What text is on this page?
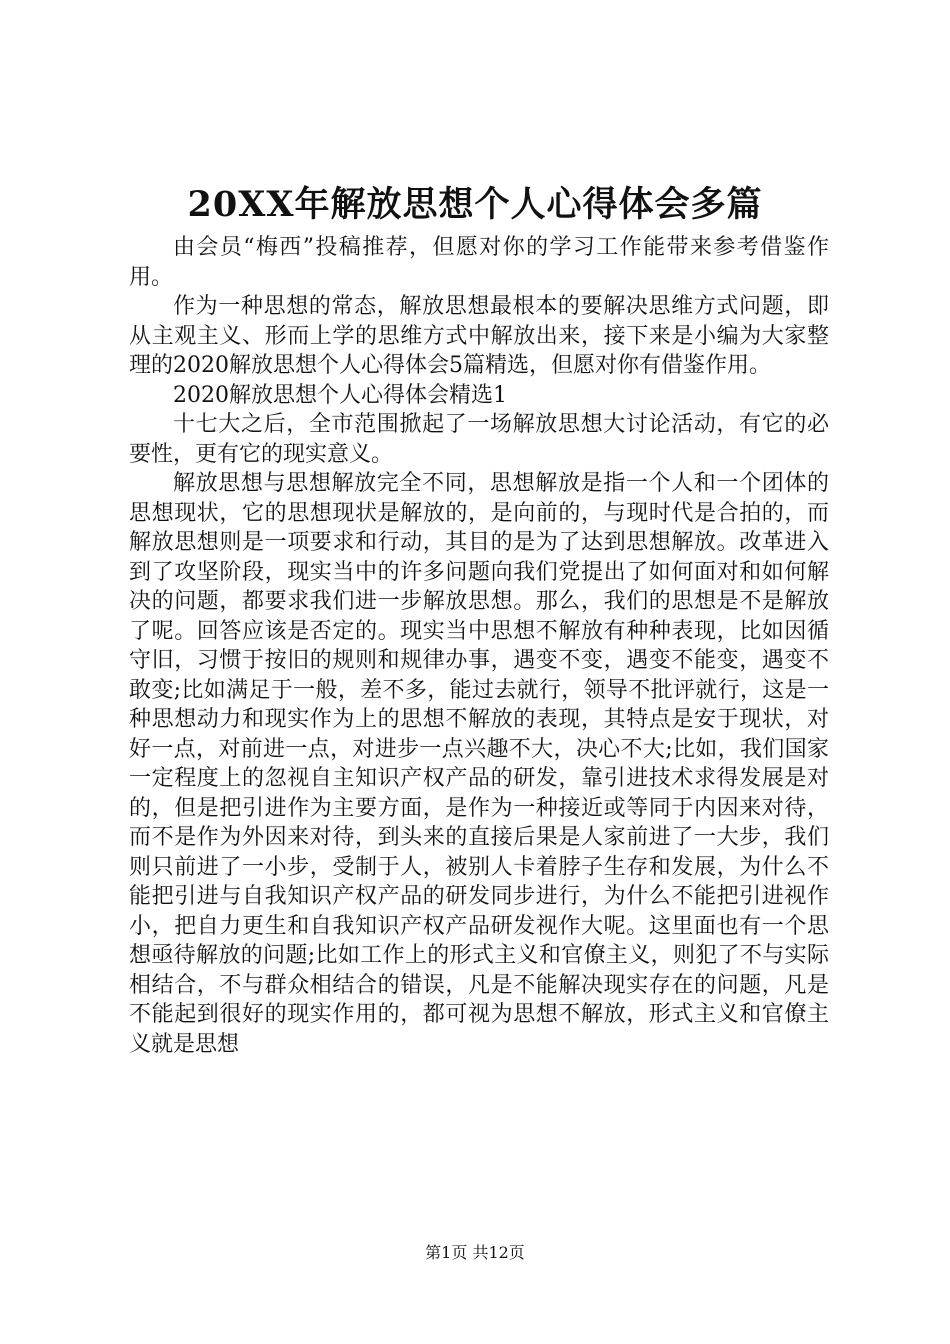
20XX年解放思想个人心得体会多篇

由会员“梅西”投稿推荐，但愿对你的学习工作能带来参考借鉴作用。

作为一种思想的常态，解放思想最根本的要解决思维方式问题，即从主观主义、形而上学的思维方式中解放出来，接下来是小编为大家整理的2020解放思想个人心得体会5篇精选，但愿对你有借鉴作用。

2020解放思想个人心得体会精选1

十七大之后，全市范围掀起了一场解放思想大讨论活动，有它的必要性，更有它的现实意义。

解放思想与思想解放完全不同，思想解放是指一个人和一个团体的思想现状，它的思想现状是解放的，是向前的，与现时代是合拍的，而解放思想则是一项要求和行动，其目的是为了达到思想解放。改革进入到了攻坚阶段，现实当中的许多问题向我们党提出了如何面对和如何解决的问题，都要求我们进一步解放思想。那么，我们的思想是不是解放了呢。回答应该是否定的。现实当中思想不解放有种种表现，比如因循守旧，习惯于按旧的规则和规律办事，遇变不变，遇变不能变，遇变不敢变;比如满足于一般，差不多，能过去就行，领导不批评就行，这是一种思想动力和现实作为上的思想不解放的表现，其特点是安于现状，对好一点，对前进一点，对进步一点兴趣不大，决心不大;比如，我们国家一定程度上的忽视自主知识产权产品的研发，靠引进技术求得发展是对的，但是把引进作为主要方面，是作为一种接近或等同于内因来对待，而不是作为外因来对待，到头来的直接后果是人家前进了一大步，我们则只前进了一小步，受制于人，被别人卡着脖子生存和发展，为什么不能把引进与自我知识产权产品的研发同步进行，为什么不能把引进视作小，把自力更生和自我知识产权产品研发视作大呢。这里面也有一个思想亟待解放的问题;比如工作上的形式主义和官僚主义，则犯了不与实际相结合，不与群众相结合的错误，凡是不能解决现实存在的问题，凡是不能起到很好的现实作用的，都可视为思想不解放，形式主义和官僚主义就是思想

第1页 共12页
